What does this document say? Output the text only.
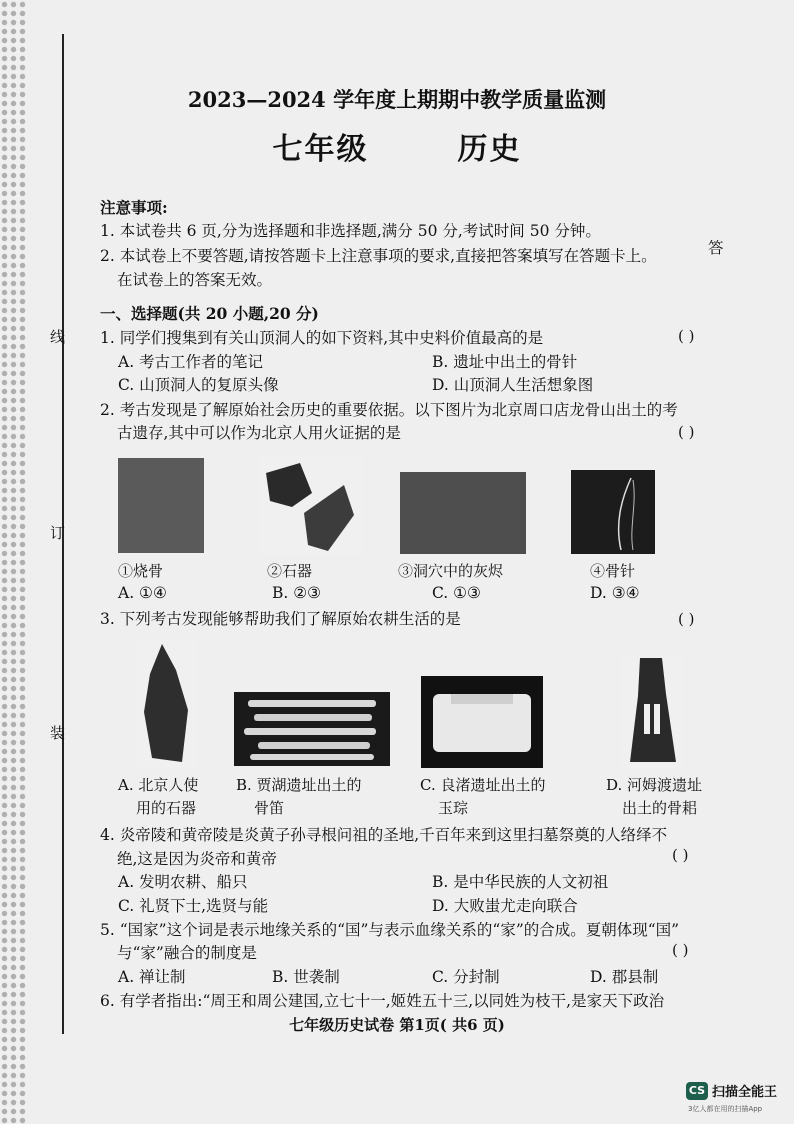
线
订
装
2023—2024 学年度上期期中教学质量监测
七年级	历史
注意事项:
1. 本试卷共 6 页,分为选择题和非选择题,满分 50 分,考试时间 50 分钟。
2. 本试卷上不要答题,请按答题卡上注意事项的要求,直接把答案填写在答题卡上。
在试卷上的答案无效。
答
一、选择题(共 20 小题,20 分)
1. 同学们搜集到有关山顶洞人的如下资料,其中史料价值最高的是	( )
A. 考古工作者的笔记	B. 遗址中出土的骨针
C. 山顶洞人的复原头像	D. 山顶洞人生活想象图
2. 考古发现是了解原始社会历史的重要依据。以下图片为北京周口店龙骨山出土的考
古遗存,其中可以作为北京人用火证据的是	( )
①烧骨	②石器	③洞穴中的灰烬	④骨针
A. ①④	B. ②③	C. ①③	D. ③④
3. 下列考古发现能够帮助我们了解原始农耕生活的是	( )
A. 北京人使
用的石器
B. 贾湖遗址出土的
骨笛
C. 良渚遗址出土的
玉琮
D. 河姆渡遗址
出土的骨耜
4. 炎帝陵和黄帝陵是炎黄子孙寻根问祖的圣地,千百年来到这里扫墓祭奠的人络绎不
绝,这是因为炎帝和黄帝	( )
A. 发明农耕、船只	B. 是中华民族的人文初祖
C. 礼贤下士,选贤与能	D. 大败蚩尤走向联合
5. “国家”这个词是表示地缘关系的“国”与表示血缘关系的“家”的合成。夏朝体现“国”
与“家”融合的制度是	( )
A. 禅让制	B. 世袭制	C. 分封制	D. 郡县制
6. 有学者指出:“周王和周公建国,立七十一,姬姓五十三,以同姓为枝干,是家天下政治
七年级历史试卷 第1页( 共6 页)
CS 扫描全能王
3亿人都在用的扫描App
